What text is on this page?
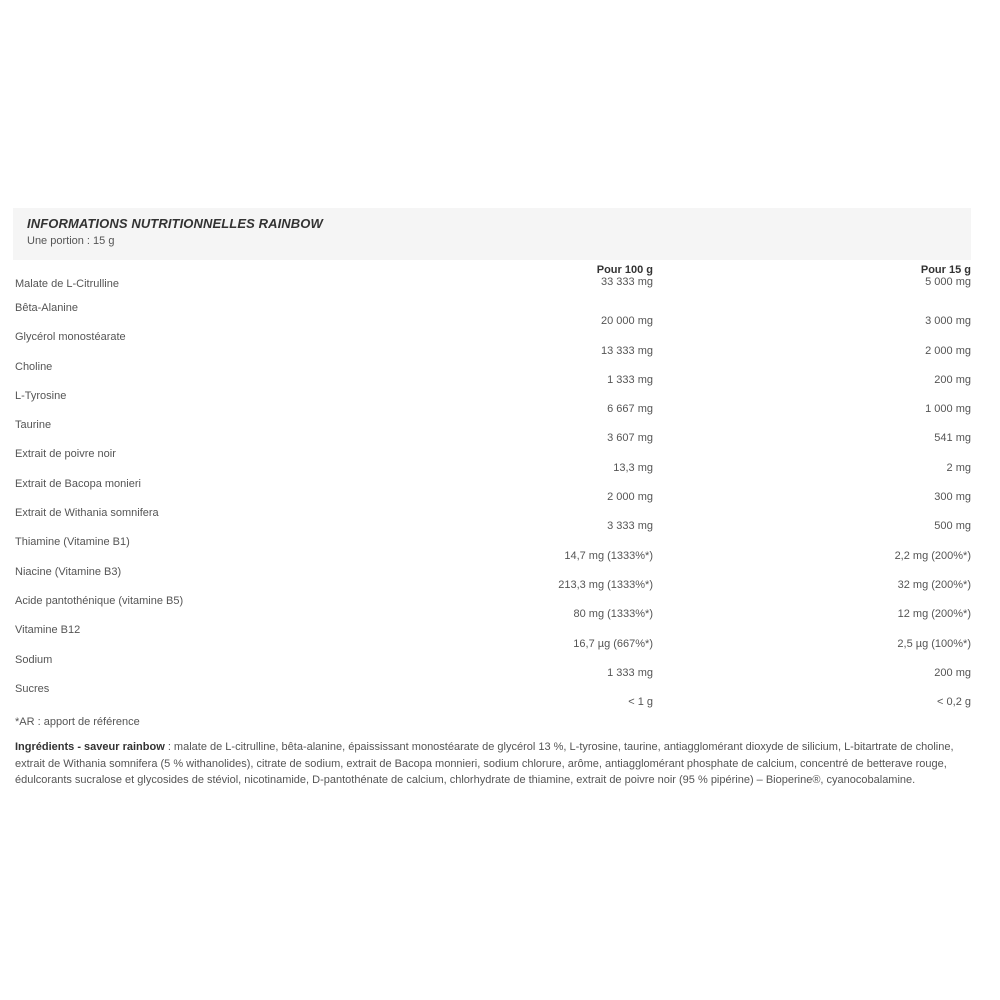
INFORMATIONS NUTRITIONNELLES RAINBOW
Une portion : 15 g
	Pour 100 g	Pour 15 g
Malate de L-Citrulline	33 333 mg	5 000 mg
Bêta-Alanine	20 000 mg	3 000 mg
Glycérol monostéarate	13 333 mg	2 000 mg
Choline	1 333 mg	200 mg
L-Tyrosine	6 667 mg	1 000 mg
Taurine	3 607 mg	541 mg
Extrait de poivre noir	13,3 mg	2 mg
Extrait de Bacopa monieri	2 000 mg	300 mg
Extrait de Withania somnifera	3 333 mg	500 mg
Thiamine (Vitamine B1)	14,7 mg (1333%*)	2,2 mg (200%*)
Niacine (Vitamine B3)	213,3 mg (1333%*)	32 mg (200%*)
Acide pantothénique (vitamine B5)	80 mg (1333%*)	12 mg (200%*)
Vitamine B12	16,7 µg (667%*)	2,5 µg (100%*)
Sodium	1 333 mg	200 mg
Sucres	< 1 g	< 0,2 g
*AR : apport de référence
Ingrédients - saveur rainbow : malate de L-citrulline, bêta-alanine, épaississant monostéarate de glycérol 13 %, L-tyrosine, taurine, antiagglomérant dioxyde de silicium, L-bitartrate de choline, extrait de Withania somnifera (5 % withanolides), citrate de sodium, extrait de Bacopa monnieri, sodium chlorure, arôme, antiagglomérant phosphate de calcium, concentré de betterave rouge, édulcorants sucralose et glycosides de stéviol, nicotinamide, D-pantothénate de calcium, chlorhydrate de thiamine, extrait de poivre noir (95 % pipérine) – Bioperine®, cyanocobalamine.
